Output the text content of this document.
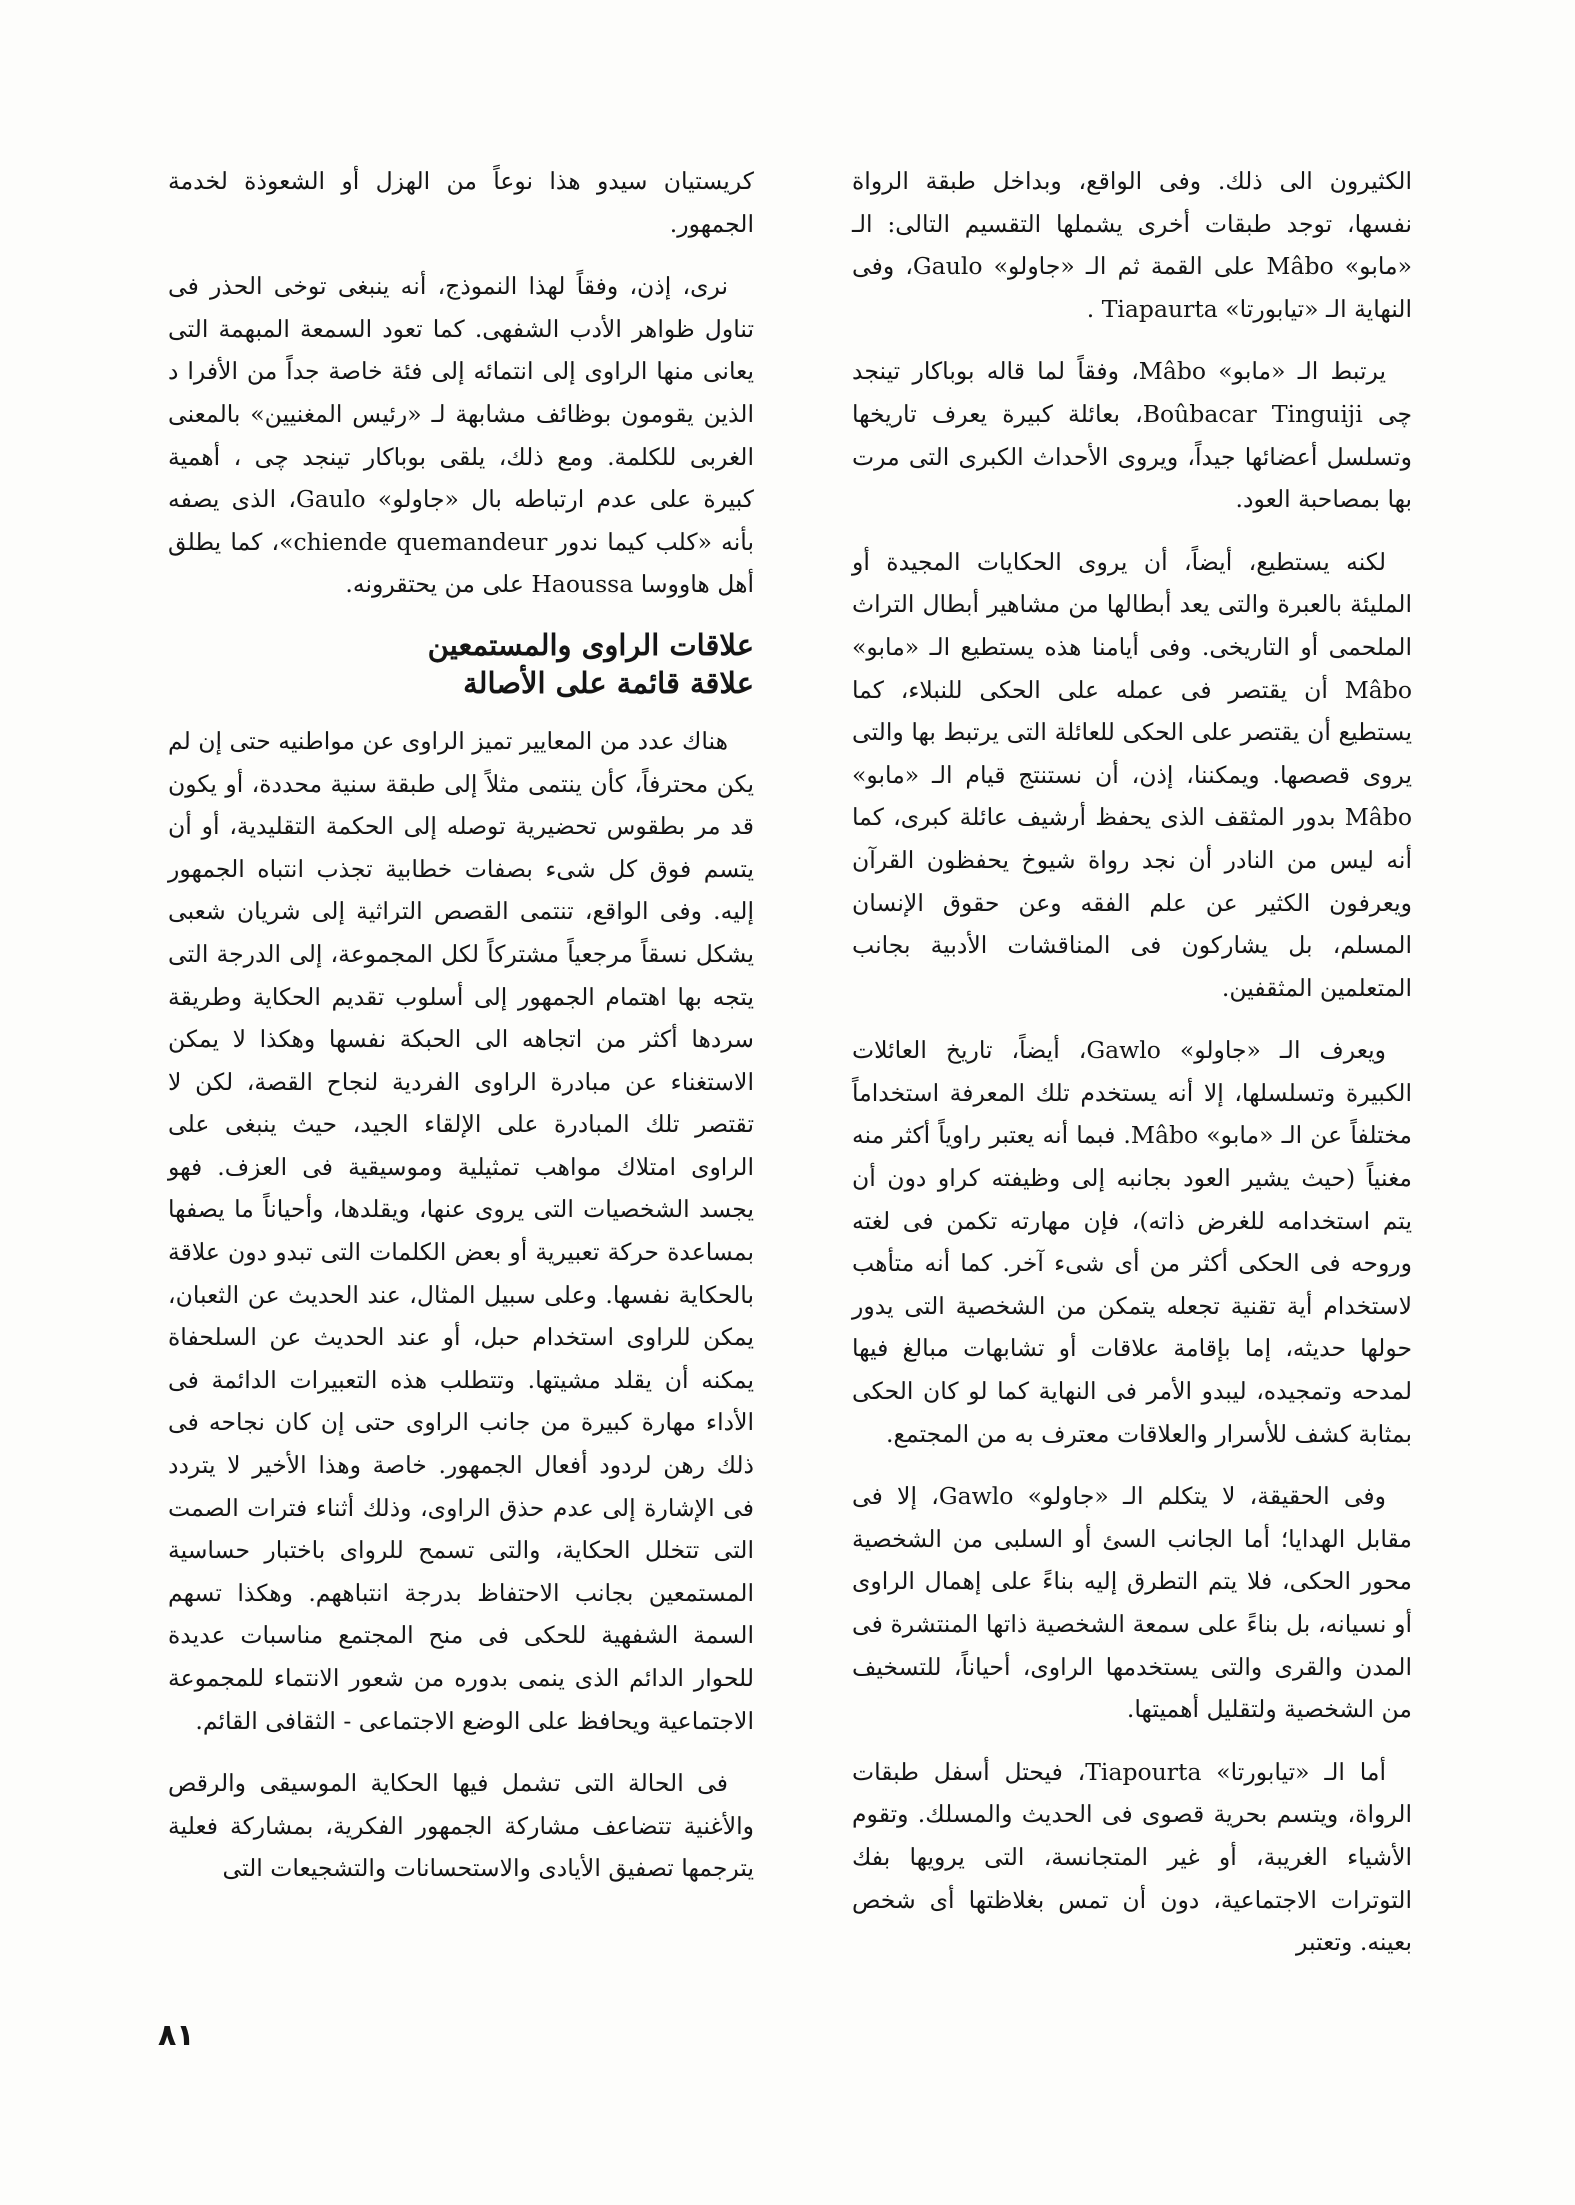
الكثيرون الى ذلك. وفى الواقع، وبداخل طبقة الرواة نفسها، توجد طبقات أخرى يشملها التقسيم التالى: الـ «مابو» Mâbo على القمة ثم الـ «جاولو» Gaulo، وفى النهاية الـ «تيابورتا» Tiapaurta .

يرتبط الـ «مابو» Mâbo، وفقاً لما قاله بوباكار تينجد چى Boûbacar Tinguiji، بعائلة كبيرة يعرف تاريخها وتسلسل أعضائها جيداً، ويروى الأحداث الكبرى التى مرت بها بمصاحبة العود.

لكنه يستطيع، أيضاً، أن يروى الحكايات المجيدة أو المليئة بالعبرة والتى يعد أبطالها من مشاهير أبطال التراث الملحمى أو التاريخى. وفى أيامنا هذه يستطيع الـ «مابو» Mâbo أن يقتصر فى عمله على الحكى للنبلاء، كما يستطيع أن يقتصر على الحكى للعائلة التى يرتبط بها والتى يروى قصصها. ويمكننا، إذن، أن نستنتج قيام الـ «مابو» Mâbo بدور المثقف الذى يحفظ أرشيف عائلة كبرى، كما أنه ليس من النادر أن نجد رواة شيوخ يحفظون القرآن ويعرفون الكثير عن علم الفقه وعن حقوق الإنسان المسلم، بل يشاركون فى المناقشات الأدبية بجانب المتعلمين المثقفين.

ويعرف الـ «جاولو» Gawlo، أيضاً، تاريخ العائلات الكبيرة وتسلسلها، إلا أنه يستخدم تلك المعرفة استخداماً مختلفاً عن الـ «مابو» Mâbo. فبما أنه يعتبر راوياً أكثر منه مغنياً (حيث يشير العود بجانبه إلى وظيفته كراو دون أن يتم استخدامه للغرض ذاته)، فإن مهارته تكمن فى لغته وروحه فى الحكى أكثر من أى شىء آخر. كما أنه متأهب لاستخدام أية تقنية تجعله يتمكن من الشخصية التى يدور حولها حديثه، إما بإقامة علاقات أو تشابهات مبالغ فيها لمدحه وتمجيده، ليبدو الأمر فى النهاية كما لو كان الحكى بمثابة كشف للأسرار والعلاقات معترف به من المجتمع.

وفى الحقيقة، لا يتكلم الـ «جاولو» Gawlo، إلا فى مقابل الهدايا؛ أما الجانب السئ أو السلبى من الشخصية محور الحكى، فلا يتم التطرق إليه بناءً على إهمال الراوى أو نسيانه، بل بناءً على سمعة الشخصية ذاتها المنتشرة فى المدن والقرى والتى يستخدمها الراوى، أحياناً، للتسخيف من الشخصية ولتقليل أهميتها.

أما الـ «تيابورتا» Tiapourta، فيحتل أسفل طبقات الرواة، ويتسم بحرية قصوى فى الحديث والمسلك. وتقوم الأشياء الغريبة، أو غير المتجانسة، التى يرويها بفك التوترات الاجتماعية، دون أن تمس بغلاظتها أى شخص بعينه. وتعتبر

كريستيان سيدو هذا نوعاً من الهزل أو الشعوذة لخدمة الجمهور.

نرى، إذن، وفقاً لهذا النموذج، أنه ينبغى توخى الحذر فى تناول ظواهر الأدب الشفهى. كما تعود السمعة المبهمة التى يعانى منها الراوى إلى انتمائه إلى فئة خاصة جداً من الأفرا د الذين يقومون بوظائف مشابهة لـ «رئيس المغنيين» بالمعنى الغربى للكلمة. ومع ذلك، يلقى بوباكار تينجد چى ، أهمية كبيرة على عدم ارتباطه بال «جاولو» Gaulo، الذى يصفه بأنه «كلب كيما ندور chiende quemandeur»، كما يطلق أهل هاووسا Haoussa على من يحتقرونه.

علاقات الراوى والمستمعين
علاقة قائمة على الأصالة

هناك عدد من المعايير تميز الراوى عن مواطنيه حتى إن لم يكن محترفاً، كأن ينتمى مثلاً إلى طبقة سنية محددة، أو يكون قد مر بطقوس تحضيرية توصله إلى الحكمة التقليدية، أو أن يتسم فوق كل شىء بصفات خطابية تجذب انتباه الجمهور إليه. وفى الواقع، تنتمى القصص التراثية إلى شريان شعبى يشكل نسقاً مرجعياً مشتركاً لكل المجموعة، إلى الدرجة التى يتجه بها اهتمام الجمهور إلى أسلوب تقديم الحكاية وطريقة سردها أكثر من اتجاهه الى الحبكة نفسها وهكذا لا يمكن الاستغناء عن مبادرة الراوى الفردية لنجاح القصة، لكن لا تقتصر تلك المبادرة على الإلقاء الجيد، حيث ينبغى على الراوى امتلاك مواهب تمثيلية وموسيقية فى العزف. فهو يجسد الشخصيات التى يروى عنها، ويقلدها، وأحياناً ما يصفها بمساعدة حركة تعبيرية أو بعض الكلمات التى تبدو دون علاقة بالحكاية نفسها. وعلى سبيل المثال، عند الحديث عن الثعبان، يمكن للراوى استخدام حبل، أو عند الحديث عن السلحفاة يمكنه أن يقلد مشيتها. وتتطلب هذه التعبيرات الدائمة فى الأداء مهارة كبيرة من جانب الراوى حتى إن كان نجاحه فى ذلك رهن لردود أفعال الجمهور. خاصة وهذا الأخير لا يتردد فى الإشارة إلى عدم حذق الراوى، وذلك أثناء فترات الصمت التى تتخلل الحكاية، والتى تسمح للرواى باختبار حساسية المستمعين بجانب الاحتفاظ بدرجة انتباههم. وهكذا تسهم السمة الشفهية للحكى فى منح المجتمع مناسبات عديدة للحوار الدائم الذى ينمى بدوره من شعور الانتماء للمجموعة الاجتماعية ويحافظ على الوضع الاجتماعى - الثقافى القائم.

فى الحالة التى تشمل فيها الحكاية الموسيقى والرقص والأغنية تتضاعف مشاركة الجمهور الفكرية، بمشاركة فعلية يترجمها تصفيق الأيادى والاستحسانات والتشجيعات التى

٨١
